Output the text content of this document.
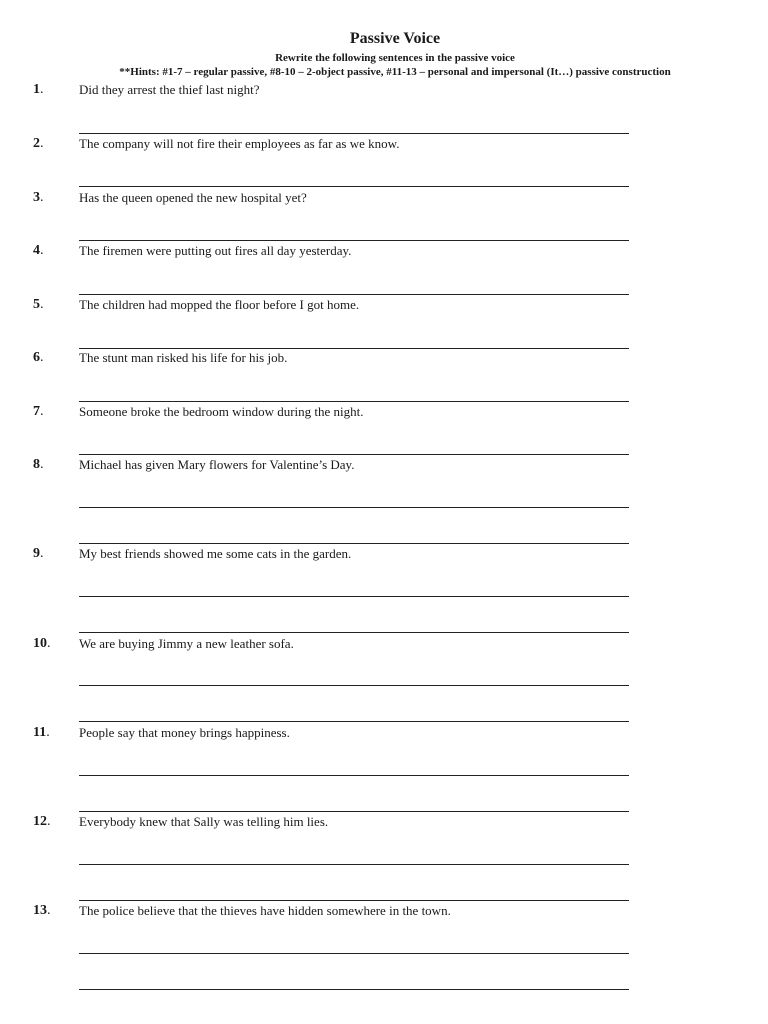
Passive Voice
Rewrite the following sentences in the passive voice
**Hints: #1-7 – regular passive, #8-10 – 2-object passive, #11-13 – personal and impersonal (It…) passive construction
1.	Did they arrest the thief last night?
2.	The company will not fire their employees as far as we know.
3.	Has the queen opened the new hospital yet?
4.	The firemen were putting out fires all day yesterday.
5.	The children had mopped the floor before I got home.
6.	The stunt man risked his life for his job.
7.	Someone broke the bedroom window during the night.
8.	Michael has given Mary flowers for Valentine’s Day.
9.	My best friends showed me some cats in the garden.
10. We are buying Jimmy a new leather sofa.
11. People say that money brings happiness.
12. Everybody knew that Sally was telling him lies.
13. The police believe that the thieves have hidden somewhere in the town.
